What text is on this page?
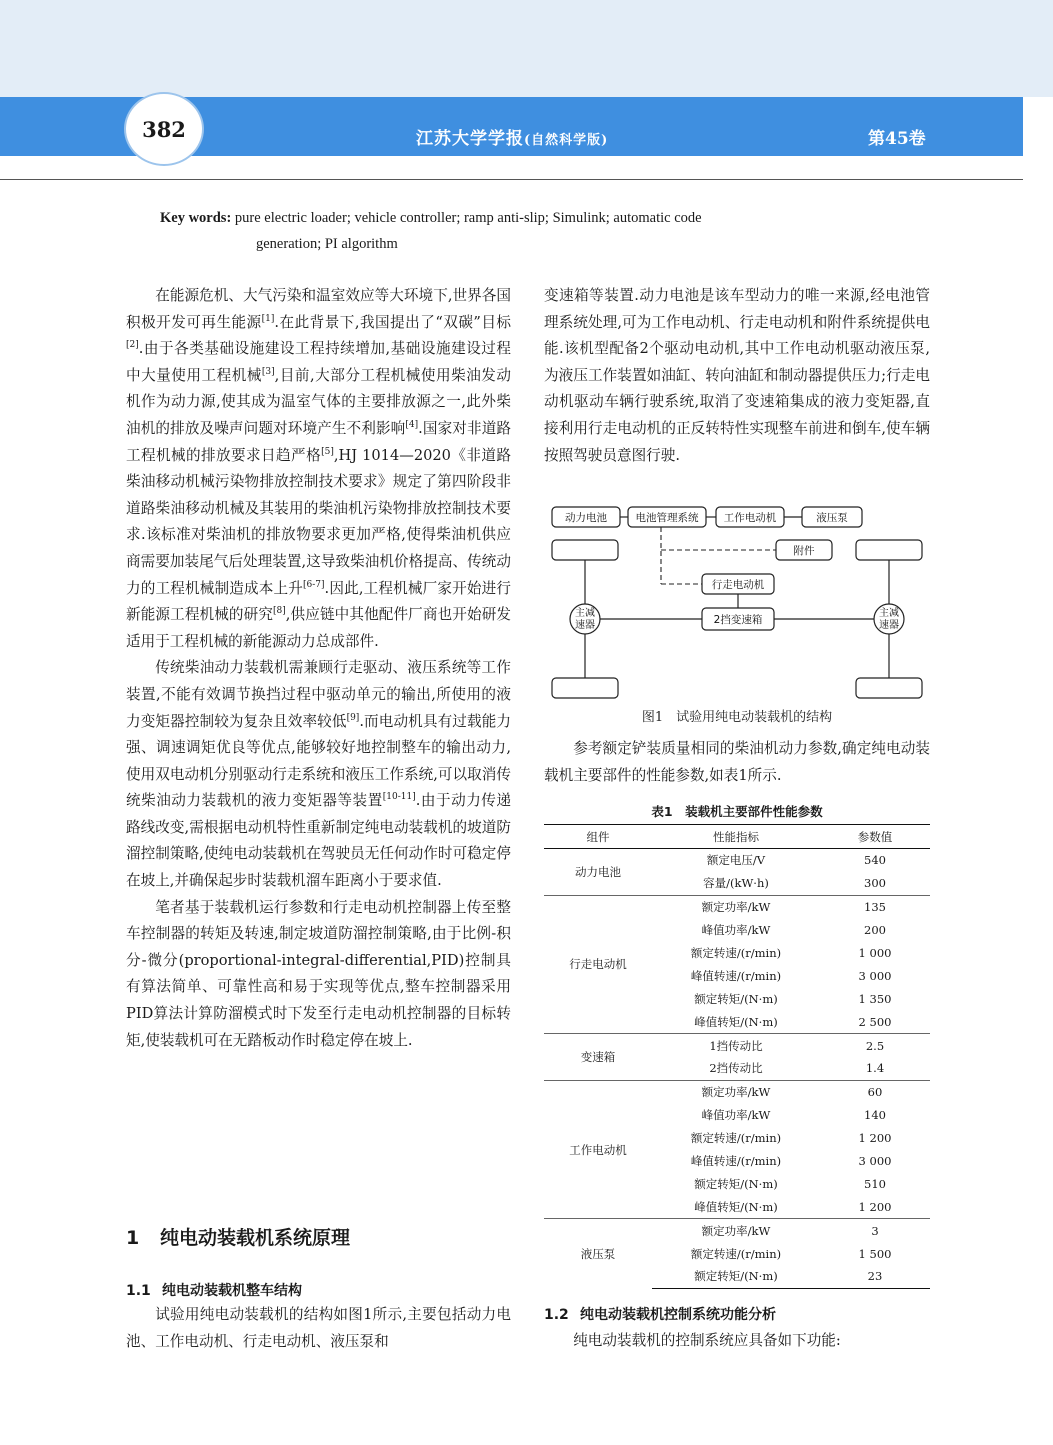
382	江苏大学学报(自然科学版)	第45卷
Key words: pure electric loader; vehicle controller; ramp anti-slip; Simulink; automatic code
generation; PI algorithm

在能源危机、大气污染和温室效应等大环境下,世界各国积极开发可再生能源[1].在此背景下,我国提出了“双碳”目标[2].由于各类基础设施建设工程持续增加,基础设施建设过程中大量使用工程机械[3],目前,大部分工程机械使用柴油发动机作为动力源,使其成为温室气体的主要排放源之一,此外柴油机的排放及噪声问题对环境产生不利影响[4].国家对非道路工程机械的排放要求日趋严格[5],HJ 1014—2020《非道路柴油移动机械污染物排放控制技术要求》规定了第四阶段非道路柴油移动机械及其装用的柴油机污染物排放控制技术要求.该标准对柴油机的排放物要求更加严格,使得柴油机供应商需要加装尾气后处理装置,这导致柴油机价格提高、传统动力的工程机械制造成本上升[6-7].因此,工程机械厂家开始进行新能源工程机械的研究[8],供应链中其他配件厂商也开始研发适用于工程机械的新能源动力总成部件.

传统柴油动力装载机需兼顾行走驱动、液压系统等工作装置,不能有效调节换挡过程中驱动单元的输出,所使用的液力变矩器控制较为复杂且效率较低[9].而电动机具有过载能力强、调速调矩优良等优点,能够较好地控制整车的输出动力,使用双电动机分别驱动行走系统和液压工作系统,可以取消传统柴油动力装载机的液力变矩器等装置[10-11].由于动力传递路线改变,需根据电动机特性重新制定纯电动装载机的坡道防溜控制策略,使纯电动装载机在驾驶员无任何动作时可稳定停在坡上,并确保起步时装载机溜车距离小于要求值.

笔者基于装载机运行参数和行走电动机控制器上传至整车控制器的转矩及转速,制定坡道防溜控制策略,由于比例-积分-微分(proportional-integral-differential,PID)控制具有算法简单、可靠性高和易于实现等优点,整车控制器采用PID算法计算防溜模式时下发至行走电动机控制器的目标转矩,使装载机可在无踏板动作时稳定停在坡上.

1 纯电动装载机系统原理
1.1 纯电动装载机整车结构

试验用纯电动装载机的结构如图1所示,主要包括动力电池、工作电动机、行走电动机、液压泵和

变速箱等装置.动力电池是该车型动力的唯一来源,经电池管理系统处理,可为工作电动机、行走电动机和附件系统提供电能.该机型配备2个驱动电动机,其中工作电动机驱动液压泵,为液压工作装置如油缸、转向油缸和制动器提供压力;行走电动机驱动车辆行驶系统,取消了变速箱集成的液力变矩器,直接利用行走电动机的正反转特性实现整车前进和倒车,使车辆按照驾驶员意图行驶.

动力电池	电池管理系统 工作电动机	液压泵
附件
行走电动机
2挡变速箱
主减
速器
主减
速器
图1　试验用纯电动装载机的结构

参考额定铲装质量相同的柴油机动力参数,确定纯电动装载机主要部件的性能参数,如表1所示.

表1　装载机主要部件性能参数
组件	性能指标	参数值
动力电池	额定电压/V	540
	容量/(kW·h)	300
行走电动机	额定功率/kW	135
	峰值功率/kW	200
	额定转速/(r/min)	1 000
	峰值转速/(r/min)	3 000
	额定转矩/(N·m)	1 350
	峰值转矩/(N·m)	2 500
变速箱	1挡传动比	2.5
	2挡传动比	1.4
工作电动机	额定功率/kW	60
	峰值功率/kW	140
	额定转速/(r/min)	1 200
	峰值转速/(r/min)	3 000
	额定转矩/(N·m)	510
	峰值转矩/(N·m)	1 200
液压泵	额定功率/kW	3
	额定转速/(r/min)	1 500
	额定转矩/(N·m)	23
1.2 纯电动装载机控制系统功能分析

纯电动装载机的控制系统应具备如下功能:
